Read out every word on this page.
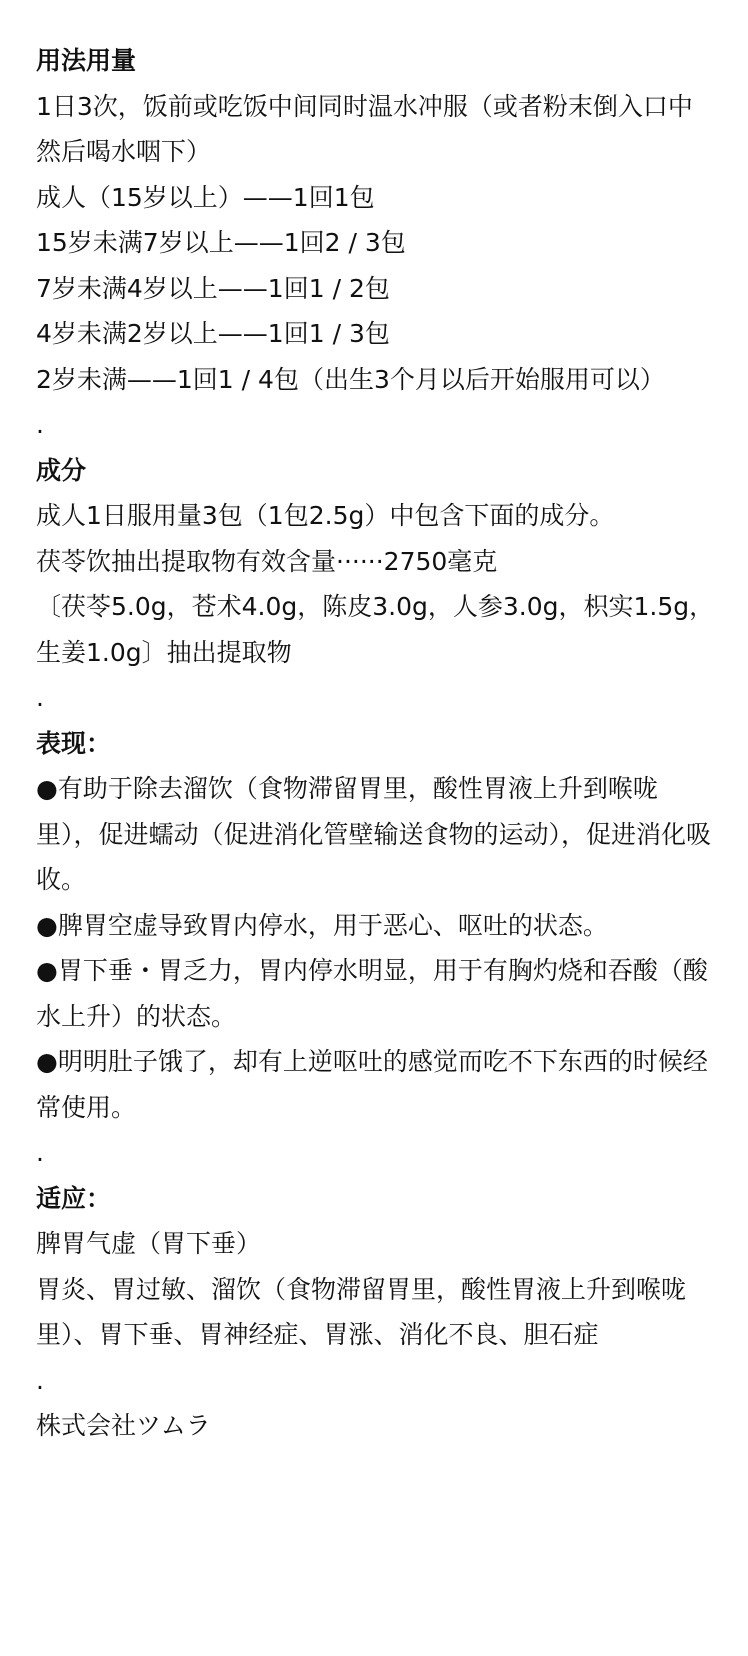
用法用量
1日3次，饭前或吃饭中间同时温水冲服（或者粉末倒入口中然后喝水咽下）
成人（15岁以上）——1回1包
15岁未满7岁以上——1回2 / 3包
7岁未满4岁以上——1回1 / 2包
4岁未满2岁以上——1回1 / 3包
2岁未满——1回1 / 4包（出生3个月以后开始服用可以）
.
成分
成人1日服用量3包（1包2.5g）中包含下面的成分。
茯苓饮抽出提取物有效含量······2750毫克
〔茯苓5.0g，苍术4.0g，陈皮3.0g，人参3.0g，枳实1.5g，生姜1.0g〕抽出提取物
.
表现：
●有助于除去溜饮（食物滞留胃里，酸性胃液上升到喉咙里），促进蠕动（促进消化管壁输送食物的运动），促进消化吸收。
●脾胃空虚导致胃内停水，用于恶心、呕吐的状态。
●胃下垂・胃乏力，胃内停水明显，用于有胸灼烧和吞酸（酸水上升）的状态。
●明明肚子饿了，却有上逆呕吐的感觉而吃不下东西的时候经常使用。
.
适应：
脾胃气虚（胃下垂）
胃炎、胃过敏、溜饮（食物滞留胃里，酸性胃液上升到喉咙里）、胃下垂、胃神经症、胃涨、消化不良、胆石症
.
株式会社ツムラ
